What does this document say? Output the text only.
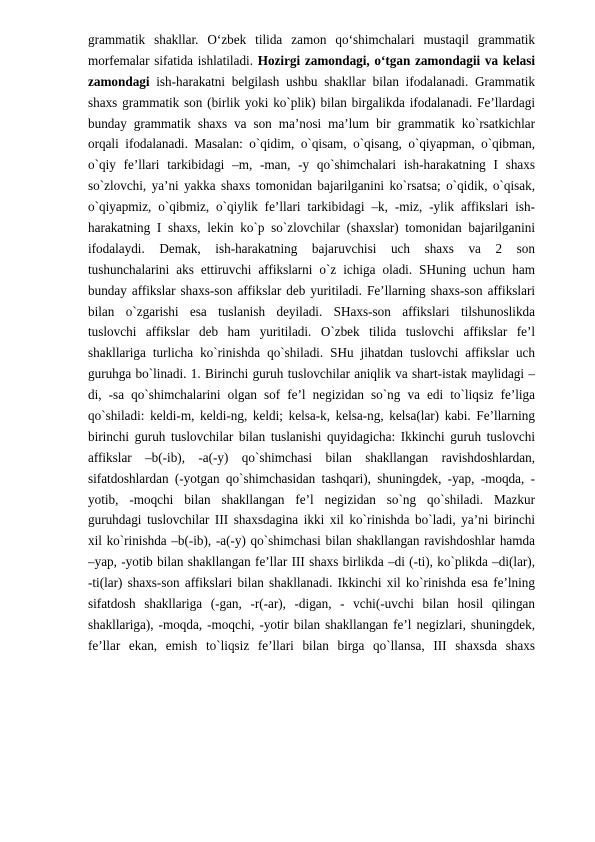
grammatik shakllar. O‘zbek tilida zamon qo‘shimchalari mustaqil grammatik
morfemalar sifatida ishlatiladi. Hozirgi zamondagi, o‘tgan zamondagii va kelasi
zamondagi ish-harakatni belgilash ushbu shakllar bilan ifodalanadi. Grammatik
shaxs grammatik son (birlik yoki ko`plik) bilan birgalikda ifodalanadi. Fe’llardagi
bunday grammatik shaxs va son ma’nosi ma’lum bir grammatik ko`rsatkichlar
orqali ifodalanadi. Masalan: o`qidim, o`qisam, o`qisang, o`qiyapman, o`qibman,
o`qiy fe’llari tarkibidagi –m, -man, -y qo`shimchalari ish-harakatning I shaxs
so`zlovchi, ya’ni yakka shaxs tomonidan bajarilganini ko`rsatsa; o`qidik, o`qisak,
o`qiyapmiz, o`qibmiz, o`qiylik fe’llari tarkibidagi –k, -miz, -ylik affikslari ish-
harakatning I shaxs, lekin ko`p so`zlovchilar (shaxslar) tomonidan bajarilganini
ifodalaydi. Demak, ish-harakatning bajaruvchisi uch shaxs va 2 son
tushunchalarini aks ettiruvchi affikslarni o`z ichiga oladi. SHuning uchun ham
bunday affikslar shaxs-son affikslar deb yuritiladi. Fe’llarning shaxs-son affikslari
bilan o`zgarishi esa tuslanish deyiladi. SHaxs-son affikslari tilshunoslikda
tuslovchi affikslar deb ham yuritiladi. O`zbek tilida tuslovchi affikslar fe’l
shakllariga turlicha ko`rinishda qo`shiladi. SHu jihatdan tuslovchi affikslar uch
guruhga bo`linadi. 1. Birinchi guruh tuslovchilar aniqlik va shart-istak maylidagi –
di, -sa qo`shimchalarini olgan sof fe’l negizidan so`ng va edi to`liqsiz fe’liga
qo`shiladi: keldi-m, keldi-ng, keldi; kelsa-k, kelsa-ng, kelsa(lar) kabi. Fe’llarning
birinchi guruh tuslovchilar bilan tuslanishi quyidagicha: Ikkinchi guruh tuslovchi
affikslar –b(-ib), -a(-y) qo`shimchasi bilan shakllangan ravishdoshlardan,
sifatdoshlardan (-yotgan qo`shimchasidan tashqari), shuningdek, -yap, -moqda, -
yotib, -moqchi bilan shakllangan fe’l negizidan so`ng qo`shiladi. Mazkur
guruhdagi tuslovchilar III shaxsdagina ikki xil ko`rinishda bo`ladi, ya’ni birinchi
xil ko`rinishda –b(-ib), -a(-y) qo`shimchasi bilan shakllangan ravishdoshlar hamda
–yap, -yotib bilan shakllangan fe’llar III shaxs birlikda –di (-ti), ko`plikda –di(lar),
-ti(lar) shaxs-son affikslari bilan shakllanadi. Ikkinchi xil ko`rinishda esa fe’lning
sifatdosh shakllariga (-gan, -r(-ar), -digan, - vchi(-uvchi bilan hosil qilingan
shakllariga), -moqda, -moqchi, -yotir bilan shakllangan fe’l negizlari, shuningdek,
fe’llar ekan, emish to`liqsiz fe’llari bilan birga qo`llansa, III shaxsda shaxs
